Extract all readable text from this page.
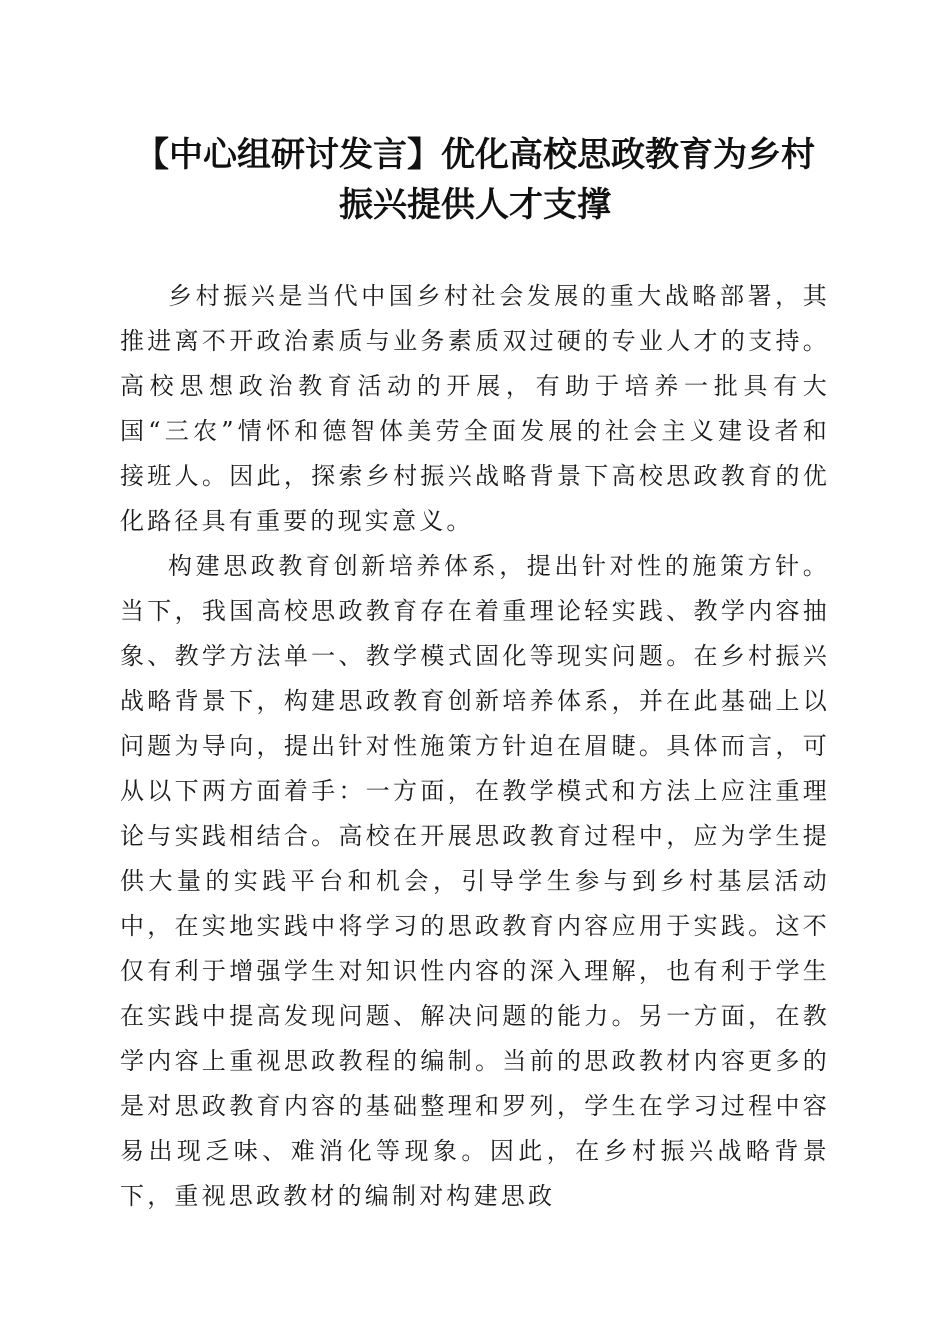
【中心组研讨发言】优化高校思政教育为乡村
振兴提供人才支撑

乡村振兴是当代中国乡村社会发展的重大战略部署，其推进离不开政治素质与业务素质双过硬的专业人才的支持。高校思想政治教育活动的开展，有助于培养一批具有大国“三农”情怀和德智体美劳全面发展的社会主义建设者和接班人。因此，探索乡村振兴战略背景下高校思政教育的优化路径具有重要的现实意义。

构建思政教育创新培养体系，提出针对性的施策方针。当下，我国高校思政教育存在着重理论轻实践、教学内容抽象、教学方法单一、教学模式固化等现实问题。在乡村振兴战略背景下，构建思政教育创新培养体系，并在此基础上以问题为导向，提出针对性施策方针迫在眉睫。具体而言，可从以下两方面着手：一方面，在教学模式和方法上应注重理论与实践相结合。高校在开展思政教育过程中，应为学生提供大量的实践平台和机会，引导学生参与到乡村基层活动中，在实地实践中将学习的思政教育内容应用于实践。这不仅有利于增强学生对知识性内容的深入理解，也有利于学生在实践中提高发现问题、解决问题的能力。另一方面，在教学内容上重视思政教程的编制。当前的思政教材内容更多的是对思政教育内容的基础整理和罗列，学生在学习过程中容易出现乏味、难消化等现象。因此，在乡村振兴战略背景下，重视思政教材的编制对构建思政
